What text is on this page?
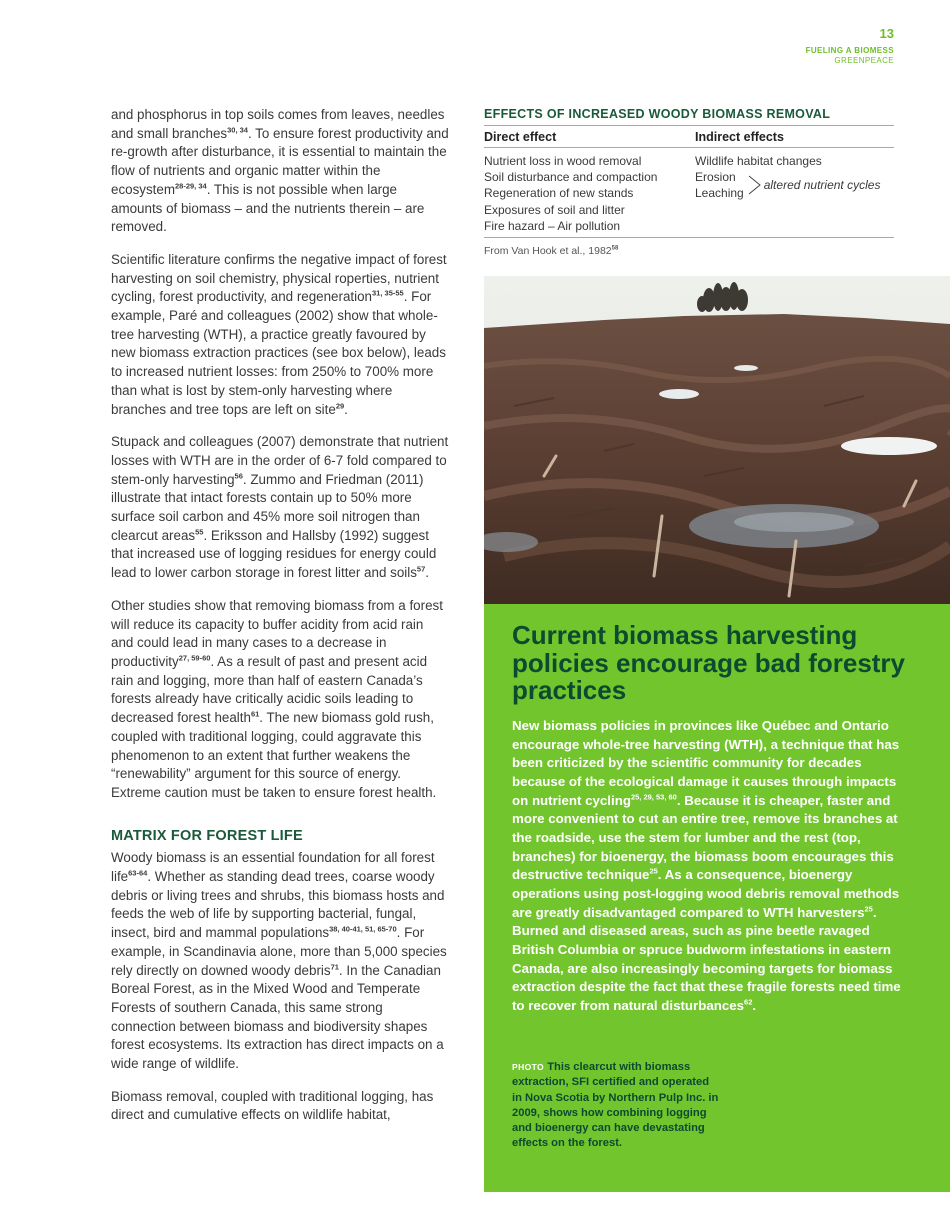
13
FUELING A BIOMESS
GREENPEACE

and phosphorus in top soils comes from leaves, needles and small branches$^{30, 34}$. To ensure forest productivity and re-growth after disturbance, it is essential to maintain the flow of nutrients and organic matter within the ecosystem$^{28-29, 34}$. This is not possible when large amounts of biomass – and the nutrients therein – are removed.

Scientific literature confirms the negative impact of forest harvesting on soil chemistry, physical roperties, nutrient cycling, forest productivity, and regeneration$^{31, 35-55}$. For example, Paré and colleagues (2002) show that whole-tree harvesting (WTH), a practice greatly favoured by new biomass extraction practices (see box below), leads to increased nutrient losses: from 250% to 700% more than what is lost by stem-only harvesting where branches and tree tops are left on site$^{29}$.

Stupack and colleagues (2007) demonstrate that nutrient losses with WTH are in the order of 6-7 fold compared to stem-only harvesting$^{56}$. Zummo and Friedman (2011) illustrate that intact forests contain up to 50% more surface soil carbon and 45% more soil nitrogen than clearcut areas$^{55}$. Eriksson and Hallsby (1992) suggest that increased use of logging residues for energy could lead to lower carbon storage in forest litter and soils$^{57}$.

Other studies show that removing biomass from a forest will reduce its capacity to buffer acidity from acid rain and could lead in many cases to a decrease in productivity$^{27, 59-60}$. As a result of past and present acid rain and logging, more than half of eastern Canada’s forests already have critically acidic soils leading to decreased forest health$^{61}$. The new biomass gold rush, coupled with traditional logging, could aggravate this phenomenon to an extent that further weakens the “renewability” argument for this source of energy. Extreme caution must be taken to ensure forest health.

MATRIX FOR FOREST LIFE

Woody biomass is an essential foundation for all forest life$^{63-64}$. Whether as standing dead trees, coarse woody debris or living trees and shrubs, this biomass hosts and feeds the web of life by supporting bacterial, fungal, insect, bird and mammal populations$^{38, 40-41, 51, 65-70}$. For example, in Scandinavia alone, more than 5,000 species rely directly on downed woody debris$^{71}$. In the Canadian Boreal Forest, as in the Mixed Wood and Temperate Forests of southern Canada, this same strong connection between biomass and biodiversity shapes forest ecosystems. Its extraction has direct impacts on a wide range of wildlife.

Biomass removal, coupled with traditional logging, has direct and cumulative effects on wildlife habitat,

EFFECTS OF INCREASED WOODY BIOMASS REMOVAL
Direct effect	Indirect effects
Nutrient loss in wood removal
Soil disturbance and compaction
Regeneration of new stands
Exposures of soil and litter
Fire hazard – Air pollution
Wildlife habitat changes
Erosion
Leaching
altered nutrient cycles
From Van Hook et al., 1982$^{58}$
Current biomass harvesting policies encourage bad forestry practices
New biomass policies in provinces like Québec and Ontario encourage whole-tree harvesting (WTH), a technique that has been criticized by the scientific community for decades because of the ecological damage it causes through impacts on nutrient cycling$^{25, 29, 53, 60}$. Because it is cheaper, faster and more convenient to cut an entire tree, remove its branches at the roadside, use the stem for lumber and the rest (top, branches) for bioenergy, the biomass boom encourages this destructive technique$^{25}$. As a consequence, bioenergy operations using post-logging wood debris removal methods are greatly disadvantaged compared to WTH harvesters$^{25}$. Burned and diseased areas, such as pine beetle ravaged British Columbia or spruce budworm infestations in eastern Canada, are also increasingly becoming targets for biomass extraction despite the fact that these fragile forests need time to recover from natural disturbances$^{62}$.
PHOTO This clearcut with biomass extraction, SFI certified and operated in Nova Scotia by Northern Pulp Inc. in 2009, shows how combining logging and bioenergy can have devastating effects on the forest.
